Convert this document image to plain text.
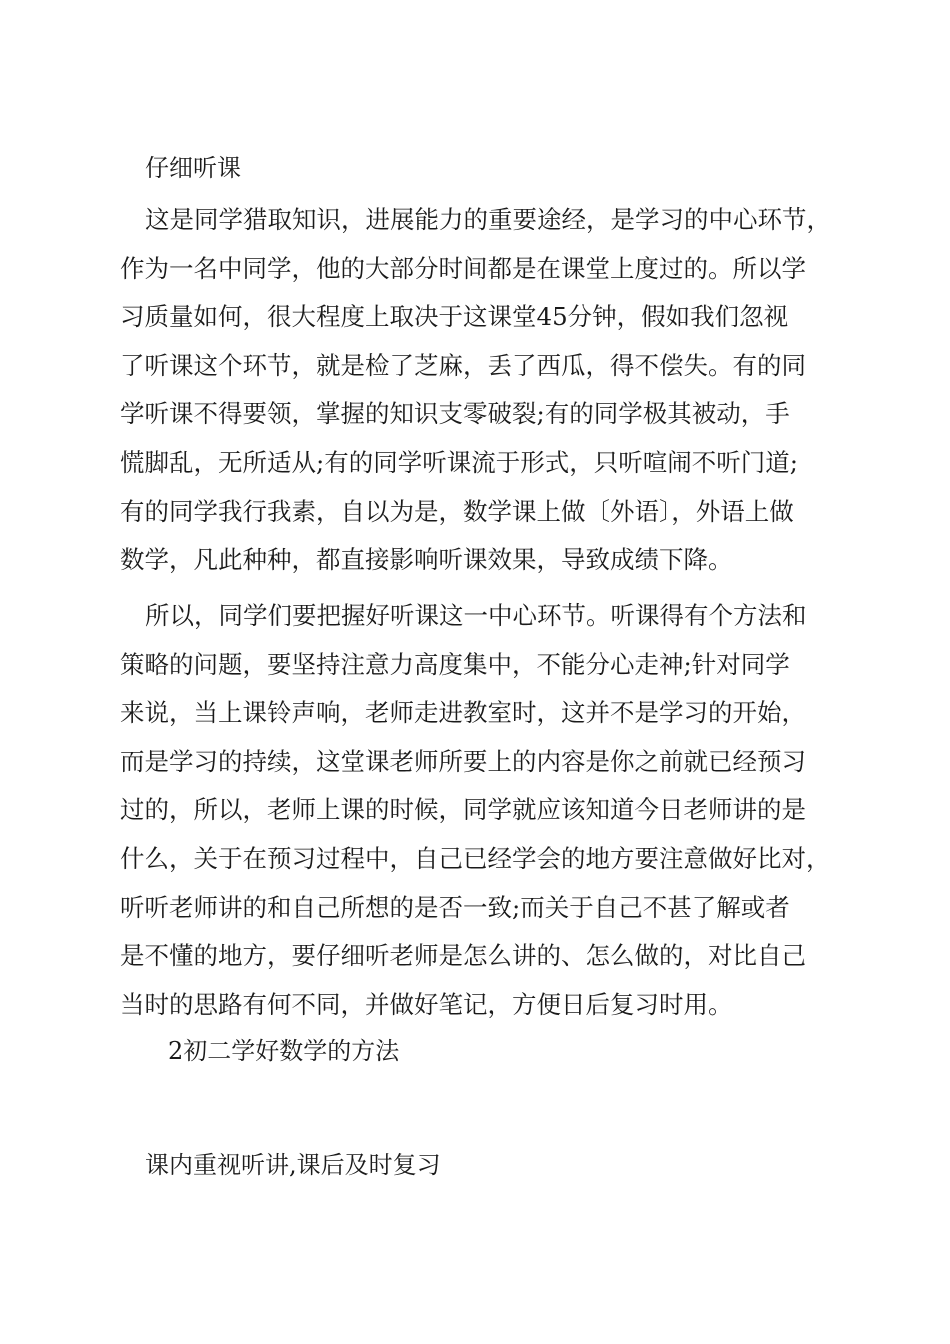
仔细听课
这是同学猎取知识，进展能力的重要途经，是学习的中心环节，
作为一名中同学，他的大部分时间都是在课堂上度过的。所以学
习质量如何，很大程度上取决于这课堂45分钟，假如我们忽视
了听课这个环节，就是检了芝麻，丢了西瓜，得不偿失。有的同
学听课不得要领，掌握的知识支零破裂;有的同学极其被动，手
慌脚乱，无所适从;有的同学听课流于形式，只听喧闹不听门道;
有的同学我行我素，自以为是，数学课上做〔外语〕，外语上做
数学，凡此种种，都直接影响听课效果，导致成绩下降。
所以，同学们要把握好听课这一中心环节。听课得有个方法和
策略的问题，要坚持注意力高度集中，不能分心走神;针对同学
来说，当上课铃声响，老师走进教室时，这并不是学习的开始，
而是学习的持续，这堂课老师所要上的内容是你之前就已经预习
过的，所以，老师上课的时候，同学就应该知道今日老师讲的是
什么，关于在预习过程中，自己已经学会的地方要注意做好比对，
听听老师讲的和自己所想的是否一致;而关于自己不甚了解或者
是不懂的地方，要仔细听老师是怎么讲的、怎么做的，对比自己
当时的思路有何不同，并做好笔记，方便日后复习时用。
2初二学好数学的方法
课内重视听讲,课后及时复习
